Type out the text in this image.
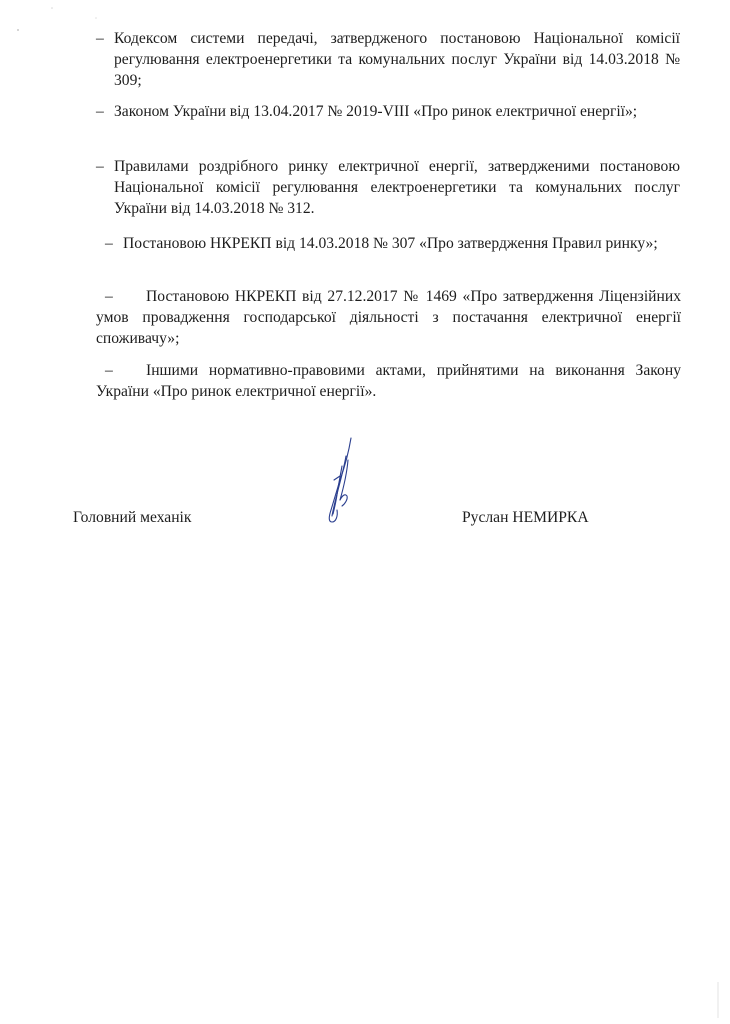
– Кодексом системи передачі, затвердженого постановою Національної комісії регулювання електроенергетики та комунальних послуг України від 14.03.2018 № 309;
– Законом України від 13.04.2017 № 2019-VIII «Про ринок електричної енергії»;
– Правилами роздрібного ринку електричної енергії, затвердженими постановою Національної комісії регулювання електроенергетики та комунальних послуг України від 14.03.2018 № 312.
– Постановою НКРЕКП від 14.03.2018 № 307 «Про затвердження Правил ринку»;
–	Постановою НКРЕКП від 27.12.2017 № 1469 «Про затвердження Ліцензійних умов провадження господарської діяльності з постачання електричної енергії споживачу»;
–	Іншими нормативно-правовими актами, прийнятими на виконання Закону України «Про ринок електричної енергії».
Головний механік	Руслан НЕМИРКА
